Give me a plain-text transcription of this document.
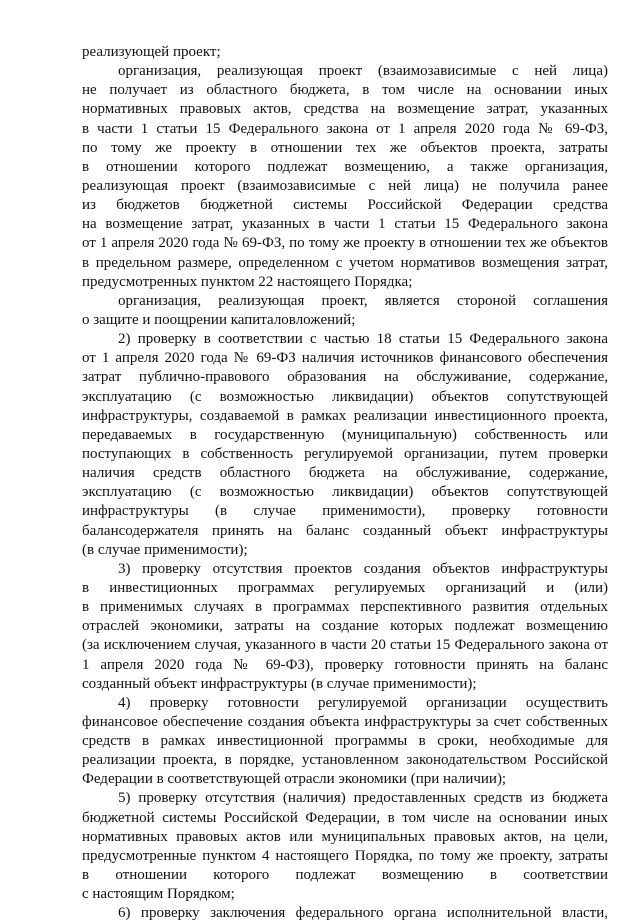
реализующей проект;
организация, реализующая проект (взаимозависимые с ней лица)
не получает из областного бюджета, в том числе на основании иных
нормативных правовых актов, средства на возмещение затрат, указанных
в части 1 статьи 15 Федерального закона от 1 апреля 2020 года № 69-ФЗ,
по тому же проекту в отношении тех же объектов проекта, затраты
в отношении которого подлежат возмещению, а также организация,
реализующая проект (взаимозависимые с ней лица) не получила ранее
из бюджетов бюджетной системы Российской Федерации средства
на возмещение затрат, указанных в части 1 статьи 15 Федерального закона
от 1 апреля 2020 года № 69-ФЗ, по тому же проекту в отношении тех же объектов
в предельном размере, определенном с учетом нормативов возмещения затрат,
предусмотренных пунктом 22 настоящего Порядка;
организация, реализующая проект, является стороной соглашения
о защите и поощрении капиталовложений;
2) проверку в соответствии с частью 18 статьи 15 Федерального закона
от 1 апреля 2020 года № 69-ФЗ наличия источников финансового обеспечения
затрат публично-правового образования на обслуживание, содержание,
эксплуатацию (с возможностью ликвидации) объектов сопутствующей
инфраструктуры, создаваемой в рамках реализации инвестиционного проекта,
передаваемых в государственную (муниципальную) собственность или
поступающих в собственность регулируемой организации, путем проверки
наличия средств областного бюджета на обслуживание, содержание,
эксплуатацию (с возможностью ликвидации) объектов сопутствующей
инфраструктуры (в случае применимости), проверку готовности
балансодержателя принять на баланс созданный объект инфраструктуры
(в случае применимости);
3) проверку отсутствия проектов создания объектов инфраструктуры
в инвестиционных программах регулируемых организаций и (или)
в применимых случаях в программах перспективного развития отдельных
отраслей экономики, затраты на создание которых подлежат возмещению
(за исключением случая, указанного в части 20 статьи 15 Федерального закона от
1 апреля 2020 года № 69-ФЗ), проверку готовности принять на баланс
созданный объект инфраструктуры (в случае применимости);
4) проверку готовности регулируемой организации осуществить
финансовое обеспечение создания объекта инфраструктуры за счет собственных
средств в рамках инвестиционной программы в сроки, необходимые для
реализации проекта, в порядке, установленном законодательством Российской
Федерации в соответствующей отрасли экономики (при наличии);
5) проверку отсутствия (наличия) предоставленных средств из бюджета
бюджетной системы Российской Федерации, в том числе на основании иных
нормативных правовых актов или муниципальных правовых актов, на цели,
предусмотренные пунктом 4 настоящего Порядка, по тому же проекту, затраты
в отношении которого подлежат возмещению в соответствии
с настоящим Порядком;
6) проверку заключения федерального органа исполнительной власти,
